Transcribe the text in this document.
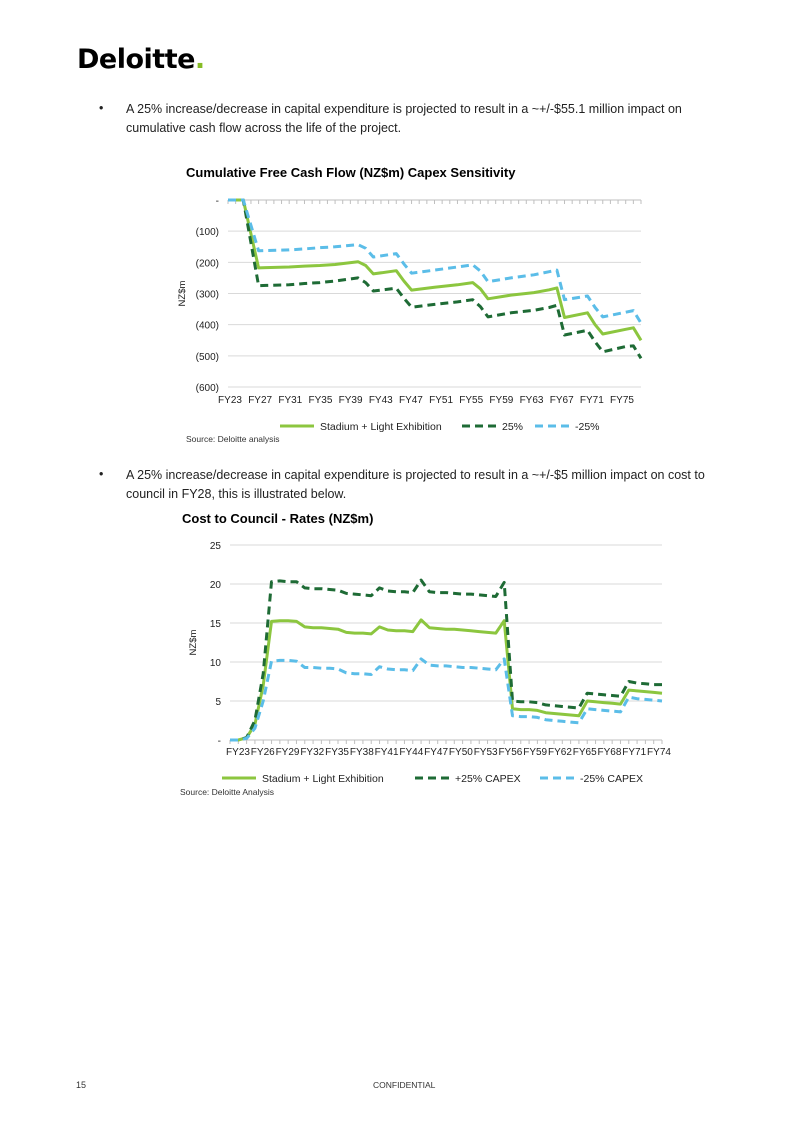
Deloitte.
• A 25% increase/decrease in capital expenditure is projected to result in a ~+/-$55.1 million impact on cumulative cash flow across the life of the project.
Cumulative Free Cash Flow (NZ$m) Capex Sensitivity
-
(100)
(200)
(300)
(400)
(500)
(600)
FY23 FY27 FY31 FY35 FY39 FY43 FY47 FY51 FY55 FY59 FY63 FY67 FY71 FY75
NZ$m
Stadium + Light Exhibition	25%	-25%
Source: Deloitte analysis
• A 25% increase/decrease in capital expenditure is projected to result in a ~+/-$5 million impact on cost to council in FY28, this is illustrated below.
Cost to Council - Rates (NZ$m)
-
5
10
15
20
25
FY23 FY26 FY29 FY32 FY35 FY38 FY41 FY44 FY47 FY50 FY53 FY56 FY59 FY62 FY65 FY68 FY71 FY74
NZ$m
Stadium + Light Exhibition	+25% CAPEX	-25% CAPEX
Source: Deloitte Analysis
15	CONFIDENTIAL
